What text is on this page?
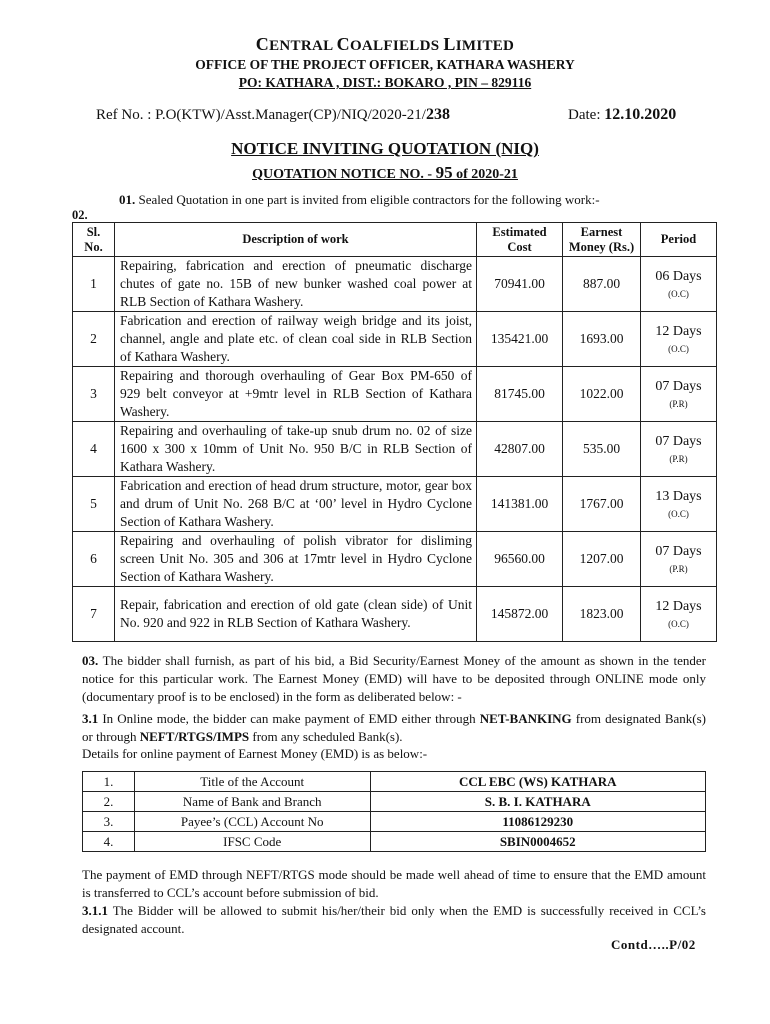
CENTRAL COALFIELDS LIMITED
OFFICE OF THE PROJECT OFFICER, KATHARA WASHERY
PO: KATHARA , DIST.: BOKARO , PIN – 829116
Ref No. : P.O(KTW)/Asst.Manager(CP)/NIQ/2020-21/238	Date: 12.10.2020
NOTICE INVITING QUOTATION (NIQ)
QUOTATION NOTICE NO. - 95 of 2020-21
01. Sealed Quotation in one part is invited from eligible contractors for the following work:-
02.
Sl. No.	Description of work	Estimated Cost	Earnest Money (Rs.)	Period
1	Repairing, fabrication and erection of pneumatic discharge chutes of gate no. 15B of new bunker washed coal power at RLB Section of Kathara Washery.	70941.00	887.00	06 Days
(O.C)

2	Fabrication and erection of railway weigh bridge and its joist, channel, angle and plate etc. of clean coal side in RLB Section of Kathara Washery.	135421.00	1693.00	12 Days
(O.C)

3	Repairing and thorough overhauling of Gear Box PM-650 of 929 belt conveyor at +9mtr level in RLB Section of Kathara Washery.	81745.00	1022.00	07 Days
(P.R)

4	Repairing and overhauling of take-up snub drum no. 02 of size 1600 x 300 x 10mm of Unit No. 950 B/C in RLB Section of Kathara Washery.	42807.00	535.00	07 Days
(P.R)

5	Fabrication and erection of head drum structure, motor, gear box and drum of Unit No. 268 B/C at ‘00’ level in Hydro Cyclone Section of Kathara Washery.	141381.00	1767.00	13 Days
(O.C)

6	Repairing and overhauling of polish vibrator for disliming screen Unit No. 305 and 306 at 17mtr level in Hydro Cyclone Section of Kathara Washery.	96560.00	1207.00	07 Days
(P.R)

7	Repair, fabrication and erection of old gate (clean side) of Unit No. 920 and 922 in RLB Section of Kathara Washery.	145872.00	1823.00	12 Days
(O.C)
03. The bidder shall furnish, as part of his bid, a Bid Security/Earnest Money of the amount as shown in the tender notice for this particular work. The Earnest Money (EMD) will have to be deposited through ONLINE mode only (documentary proof is to be enclosed) in the form as deliberated below: -
3.1 In Online mode, the bidder can make payment of EMD either through NET-BANKING from designated Bank(s) or through NEFT/RTGS/IMPS from any scheduled Bank(s).
Details for online payment of Earnest Money (EMD) is as below:-
1.	Title of the Account	CCL EBC (WS) KATHARA
2.	Name of Bank and Branch	S. B. I. KATHARA
3.	Payee’s (CCL) Account No	11086129230
4.	IFSC Code	SBIN0004652
The payment of EMD through NEFT/RTGS mode should be made well ahead of time to ensure that the EMD amount is transferred to CCL’s account before submission of bid.
3.1.1 The Bidder will be allowed to submit his/her/their bid only when the EMD is successfully received in CCL’s designated account.
Contd…..P/02
